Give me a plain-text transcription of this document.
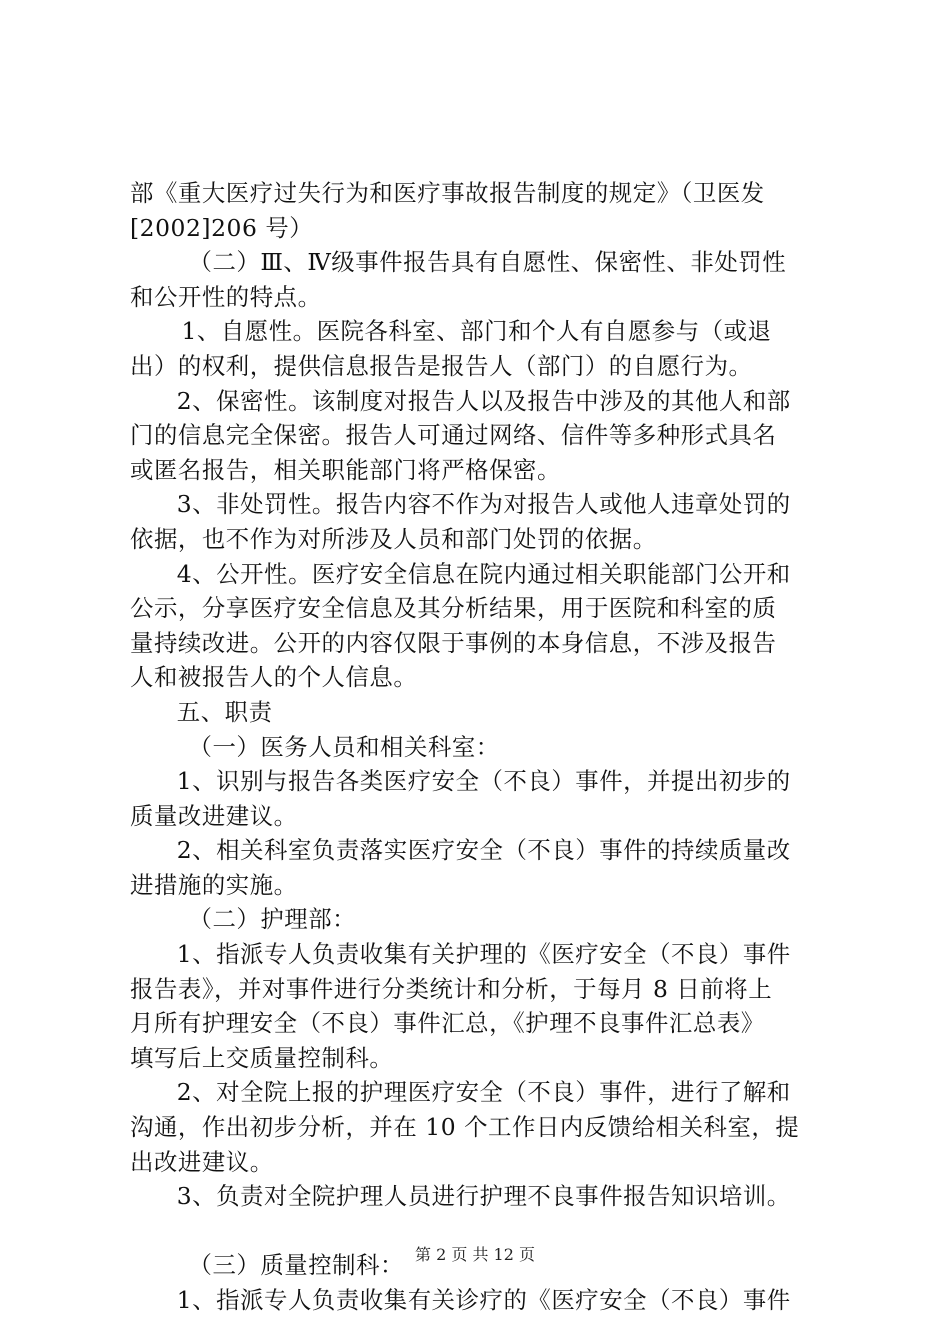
部《重大医疗过失行为和医疗事故报告制度的规定》（卫医发
[2002]206 号）
（二）Ⅲ、Ⅳ级事件报告具有自愿性、保密性、非处罚性
和公开性的特点。
1、自愿性。医院各科室、部门和个人有自愿参与（或退
出）的权利，提供信息报告是报告人（部门）的自愿行为。
2、保密性。该制度对报告人以及报告中涉及的其他人和部
门的信息完全保密。报告人可通过网络、信件等多种形式具名
或匿名报告，相关职能部门将严格保密。
3、非处罚性。报告内容不作为对报告人或他人违章处罚的
依据，也不作为对所涉及人员和部门处罚的依据。
4、公开性。医疗安全信息在院内通过相关职能部门公开和
公示，分享医疗安全信息及其分析结果，用于医院和科室的质
量持续改进。公开的内容仅限于事例的本身信息，不涉及报告
人和被报告人的个人信息。
五、职责
（一）医务人员和相关科室：
1、识别与报告各类医疗安全（不良）事件，并提出初步的
质量改进建议。
2、相关科室负责落实医疗安全（不良）事件的持续质量改
进措施的实施。
（二）护理部：
1、指派专人负责收集有关护理的《医疗安全（不良）事件
报告表》，并对事件进行分类统计和分析，于每月 8 日前将上
月所有护理安全（不良）事件汇总，《护理不良事件汇总表》
填写后上交质量控制科。
2、对全院上报的护理医疗安全（不良）事件，进行了解和
沟通，作出初步分析，并在 10 个工作日内反馈给相关科室，提
出改进建议。
3、负责对全院护理人员进行护理不良事件报告知识培训。
（三）质量控制科：
1、指派专人负责收集有关诊疗的《医疗安全（不良）事件
第 2 页 共 12 页
